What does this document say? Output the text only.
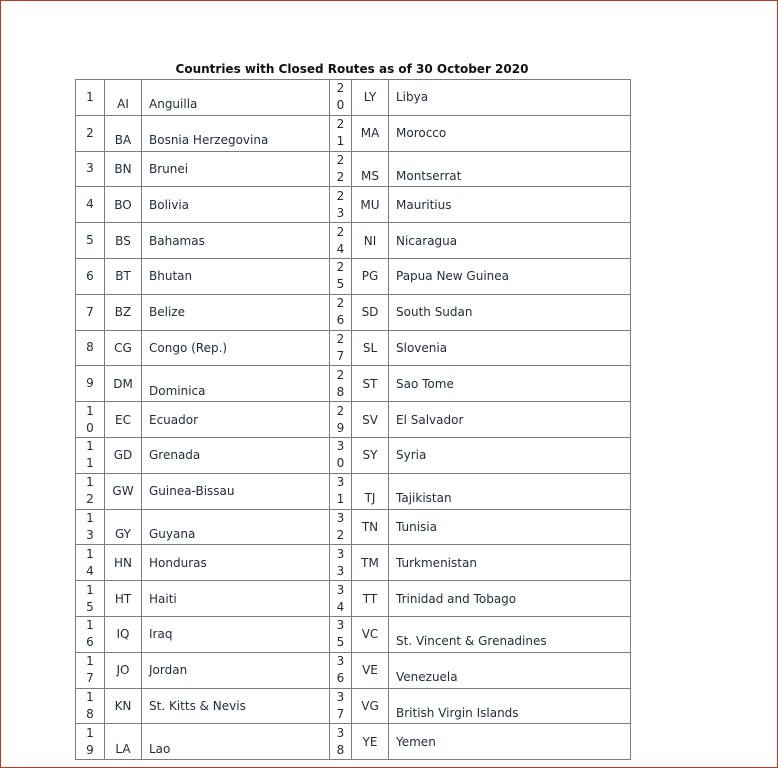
Countries with Closed Routes as of 30 October 2020
1	AI	Anguilla	20	LY	Libya

2	BA	Bosnia Herzegovina	21	MA	Morocco

3	BN	Brunei	22	MS	Montserrat

4	BO	Bolivia	23	MU	Mauritius

5	BS	Bahamas	24	NI	Nicaragua

6	BT	Bhutan	25	PG	Papua New Guinea

7	BZ	Belize	26	SD	South Sudan

8	CG	Congo (Rep.)	27	SL	Slovenia

9	DM	Dominica	28	ST	Sao Tome

10	EC	Ecuador	29	SV	El Salvador

11	GD	Grenada	30	SY	Syria

12	GW	Guinea-Bissau	31	TJ	Tajikistan

13	GY	Guyana	32	TN	Tunisia

14	HN	Honduras	33	TM	Turkmenistan

15	HT	Haiti	34	TT	Trinidad and Tobago

16	IQ	Iraq	35	VC	St. Vincent & Grenadines

17	JO	Jordan	36	VE	Venezuela

18	KN	St. Kitts & Nevis	37	VG	British Virgin Islands

19	LA	Lao	38	YE	Yemen
